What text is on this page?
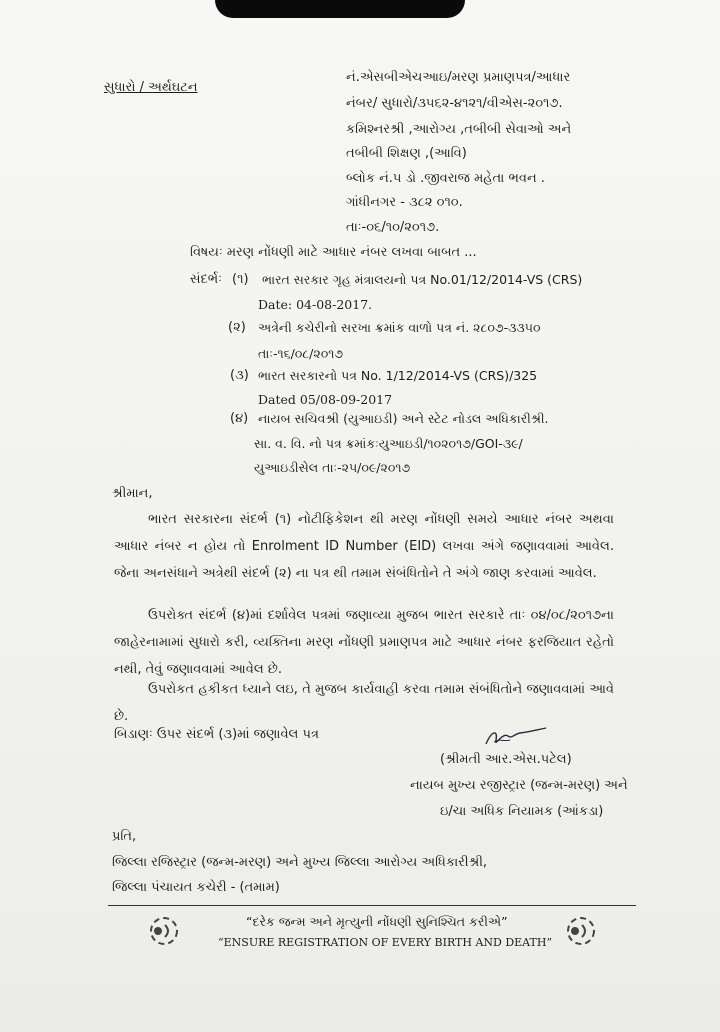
સુધારો / અર્થઘટન
નં.એસબીએચઆઇ/મરણ પ્રમાણપત્ર/આધાર
નંબર/ સુધારો/૩૫૬૨-૪૧૨૧/વીએસ-૨૦૧૭.
કમિશ્નરશ્રી ,આરોગ્ય ,તબીબી સેવાઓ અને
તબીબી શિક્ષણ ,(આવિ)
બ્લોક નં.૫ ડો .જીવરાજ મહેતા ભવન .
ગાંધીનગર - ૩૮૨ ૦૧૦.
તાઃ-૦૬/૧૦/૨૦૧૭.
વિષયઃ મરણ નોંધણી માટે આધાર નંબર લખવા બાબત ...
સંદર્ભઃ (૧) ભારત સરકાર ગૃહ મંત્રાલયનો પત્ર No.01/12/2014-VS (CRS)
Date: 04-08-2017.
(૨) અત્રેની કચેરીનો સરખા ક્રમાંક વાળો પત્ર નં. ૨૮૦૭-૩૩૫૦
તાઃ-૧૬/૦૮/૨૦૧૭
(૩) ભારત સરકારનો પત્ર No. 1/12/2014-VS (CRS)/325
Dated 05/08-09-2017
(૪) નાયબ સચિવશ્રી (યુઆઇડી) અને સ્ટેટ નોડલ અધિકારીશ્રી.
સા. વ. વિ. નો પત્ર ક્રમાંકઃયુઆઇડી/૧૦૨૦૧૭/GOI-૩૯/
યુઆઇડીસેલ તાઃ-૨૫/૦૯/૨૦૧૭
શ્રીમાન,
ભારત સરકારના સંદર્ભ (૧) નોટીફિકેશન થી મરણ નોંધણી સમયે આધાર નંબર અથવા આધાર નંબર ન હોય તો Enrolment ID Number (EID) લખવા અંગે જણાવવામાં આવેલ. જેના અનસંધાને અત્રેથી સંદર્ભ (૨) ના પત્ર થી તમામ સંબંધિતોને તે અંગે જાણ કરવામાં આવેલ.
ઉપરોક્ત સંદર્ભ (૪)માં દર્શાવેલ પત્રમાં જણાવ્યા મુજબ ભારત સરકારે તાઃ ૦૪/૦૮/૨૦૧૭ના જાહેરનામામાં સુધારો કરી, વ્યક્તિના મરણ નોંધણી પ્રમાણપત્ર માટે આધાર નંબર ફરજિયાત રહેતો નથી, તેવું જણાવવામાં આવેલ છે.
ઉપરોકત હકીકત ધ્યાને લઇ, તે મુજબ કાર્યવાહી કરવા તમામ સંબંધિતોને જણાવવામાં આવે છે.
બિડાણઃ ઉપર સંદર્ભ (૩)માં જણાવેલ પત્ર
(શ્રીમતી આર.એસ.પટેલ)
નાયબ મુખ્ય રજીસ્ટ્રાર (જન્મ-મરણ) અને
ઇ/ચા અધિક નિયામક (આંકડા)
પ્રતિ,
જિલ્લા રજિસ્ટ્રાર (જન્મ-મરણ) અને મુખ્ય જિલ્લા આરોગ્ય અધિકારીશ્રી,
જિલ્લા પંચાયત કચેરી - (તમામ)
“દરેક જન્મ અને મૃત્યુની નોંધણી સુનિશ્ચિત કરીએ”
“ENSURE REGISTRATION OF EVERY BIRTH AND DEATH”
